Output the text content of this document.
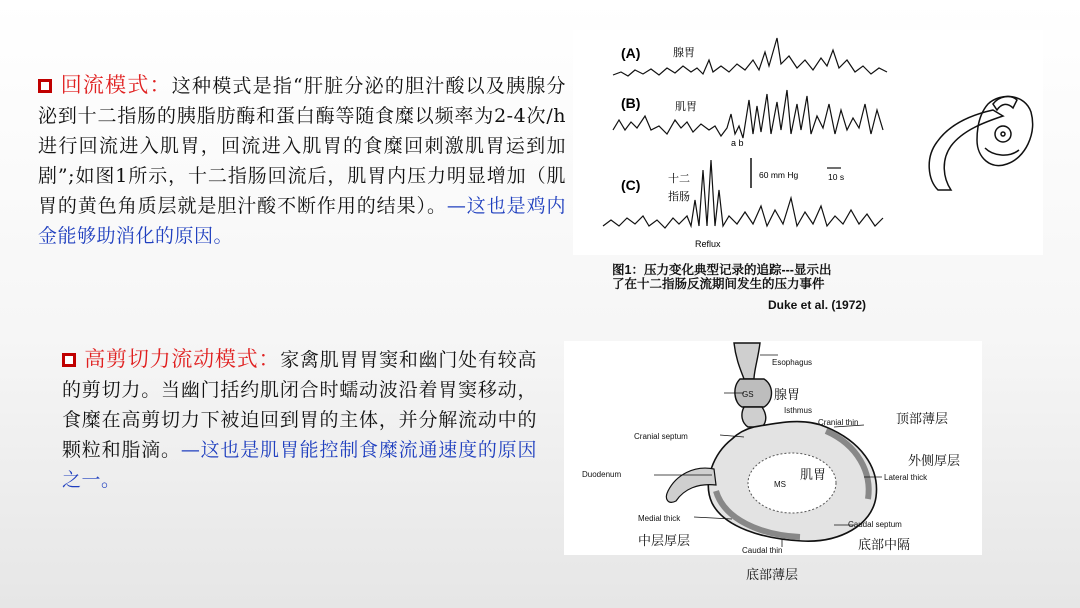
回流模式：这种模式是指“肝脏分泌的胆汁酸以及胰腺分泌到十二指肠的胰脂肪酶和蛋白酶等随食糜以频率为2-4次/h进行回流进入肌胃，回流进入肌胃的食糜回刺激肌胃运到加剧”;如图1所示，十二指肠回流后，肌胃内压力明显增加（肌胃的黄色角质层就是胆汁酸不断作用的结果）。—这也是鸡内金能够助消化的原因。
高剪切力流动模式：家禽肌胃胃窦和幽门处有较高的剪切力。当幽门括约肌闭合时蠕动波沿着胃窦移动，食糜在高剪切力下被迫回到胃的主体，并分解流动中的颗粒和脂滴。—这也是肌胃能控制食糜流通速度的原因之一。
(A)	腺胃
(B)	肌胃
(C)	十二
指肠
a b
60 mm Hg	10 s
Reflux
图1：压力变化典型记录的追踪---显示出
了在十二指肠反流期间发生的压力事件
Duke et al. (1972)
Esophagus
GS
Isthmus
Cranial thin
Cranial septum
Duodenum
MS
Lateral thick
Medial thick
Caudal septum
Caudal thin
腺胃
顶部薄层
肌胃
外侧厚层
中层厚层	底部中隔
底部薄层
